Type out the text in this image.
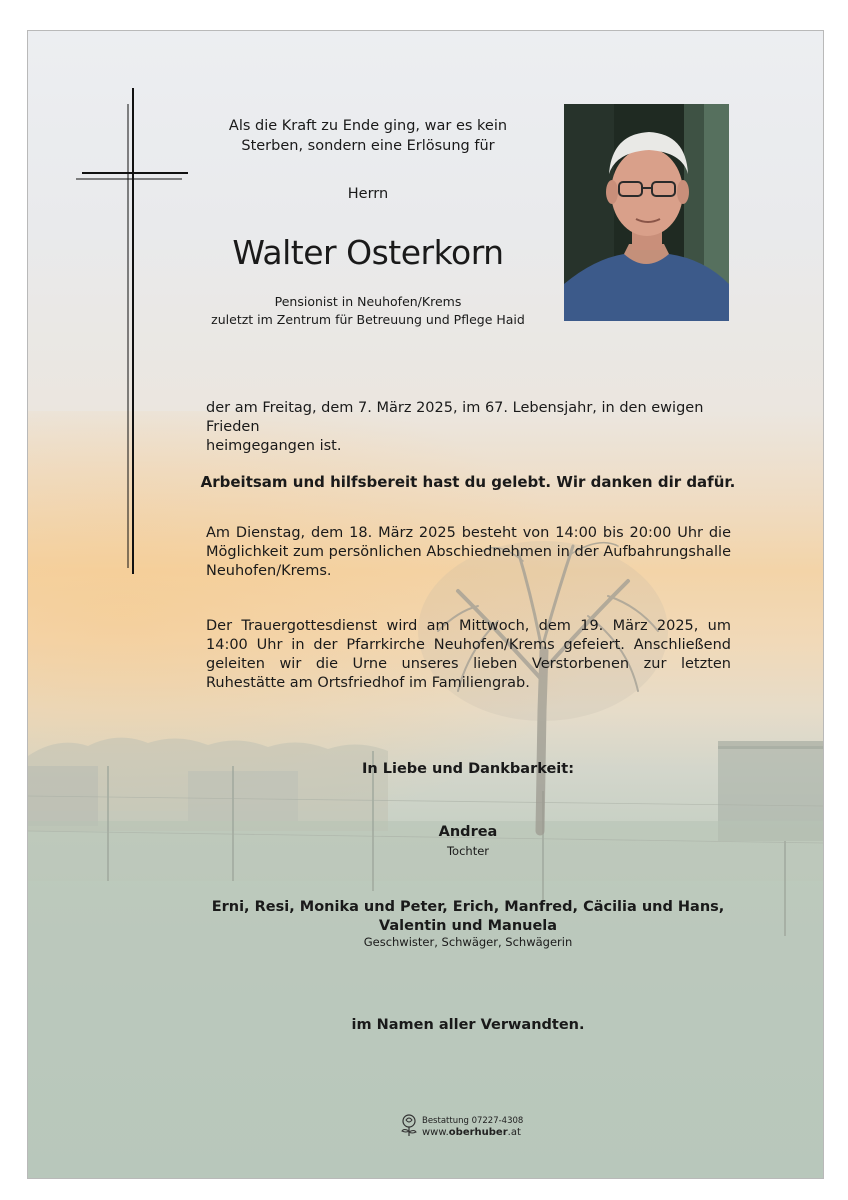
Als die Kraft zu Ende ging, war es kein
Sterben, sondern eine Erlösung für

Herrn

Walter Osterkorn

Pensionist in Neuhofen/Krems
zuletzt im Zentrum für Betreuung und Pflege Haid

der am Freitag, dem 7. März 2025, im 67. Lebensjahr, in den ewigen Frieden
heimgegangen ist.

Arbeitsam und hilfsbereit hast du gelebt. Wir danken dir dafür.

Am Dienstag, dem 18. März 2025 besteht von 14:00 bis 20:00 Uhr die Möglichkeit zum persönlichen Abschiednehmen in der Aufbahrungshalle Neuhofen/Krems.

Der Trauergottesdienst wird am Mittwoch, dem 19. März 2025, um 14:00 Uhr in der Pfarrkirche Neuhofen/Krems gefeiert. Anschließend geleiten wir die Urne unseres lieben Verstorbenen zur letzten Ruhestätte am Ortsfriedhof im Familiengrab.

In Liebe und Dankbarkeit:

Andrea

Tochter

Erni, Resi, Monika und Peter, Erich, Manfred, Cäcilia und Hans,
Valentin und Manuela

Geschwister, Schwäger, Schwägerin

im Namen aller Verwandten.

Bestattung 07227-4308
www.oberhuber.at
